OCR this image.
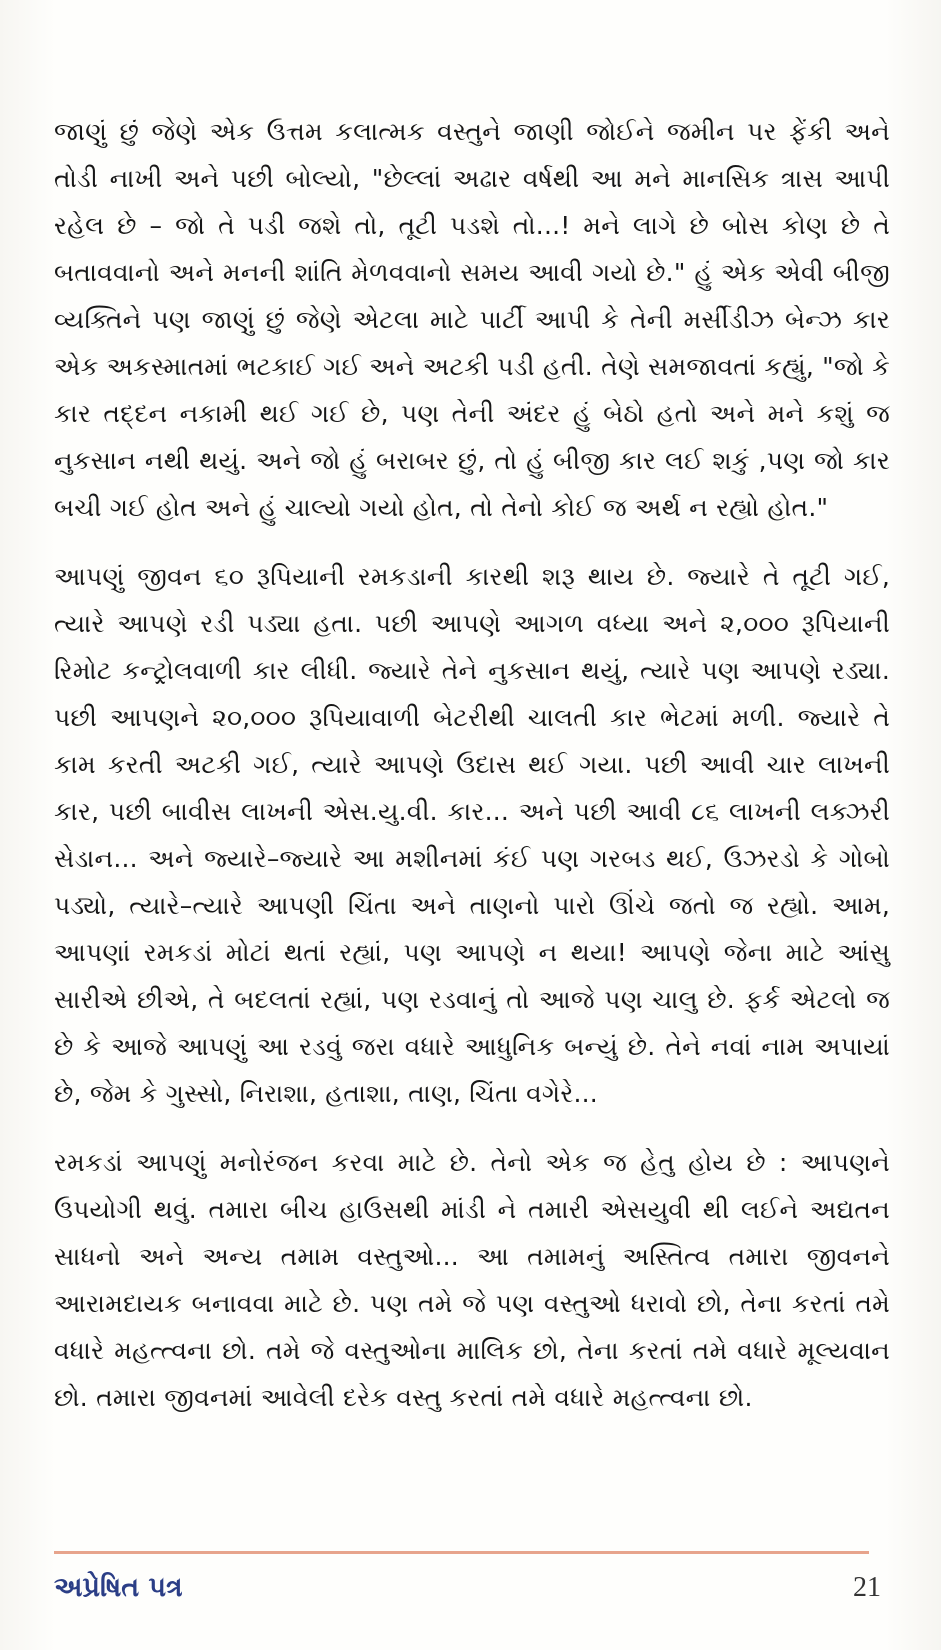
જાણું છું જેણે એક ઉત્તમ કલાત્મક વસ્તુને જાણી જોઈને જમીન પર ફેંકી અને તોડી નાખી અને પછી બોલ્યો, "છેલ્લાં અઢાર વર્ષથી આ મને માનસિક ત્રાસ આપી રહેલ છે – જો તે પડી જશે તો, તૂટી પડશે તો...! મને લાગે છે બોસ કોણ છે તે બતાવવાનો અને મનની શાંતિ મેળવવાનો સમય આવી ગયો છે." હું એક એવી બીજી વ્યક્તિને પણ જાણું છું જેણે એટલા માટે પાર્ટી આપી કે તેની મર્સીડીઝ બેન્ઝ કાર એક અકસ્માતમાં ભટકાઈ ગઈ અને અટકી પડી હતી. તેણે સમજાવતાં કહ્યું, "જો કે કાર તદ્દન નકામી થઈ ગઈ છે, પણ તેની અંદર હું બેઠો હતો અને મને કશું જ નુકસાન નથી થયું. અને જો હું બરાબર છું, તો હું બીજી કાર લઈ શકું ,પણ જો કાર બચી ગઈ હોત અને હું ચાલ્યો ગયો હોત, તો તેનો કોઈ જ અર્થ ન રહ્યો હોત."

આપણું જીવન ૬૦ રૂપિયાની રમકડાની કારથી શરૂ થાય છે. જ્યારે તે તૂટી ગઈ, ત્યારે આપણે રડી પડ્યા હતા. પછી આપણે આગળ વધ્યા અને ૨,૦૦૦ રૂપિયાની રિમોટ કન્ટ્રોલવાળી કાર લીધી. જ્યારે તેને નુકસાન થયું, ત્યારે પણ આપણે રડ્યા. પછી આપણને ૨૦,૦૦૦ રૂપિયાવાળી બેટરીથી ચાલતી કાર ભેટમાં મળી. જ્યારે તે કામ કરતી અટકી ગઈ, ત્યારે આપણે ઉદાસ થઈ ગયા. પછી આવી ચાર લાખની કાર, પછી બાવીસ લાખની એસ.યુ.વી. કાર... અને પછી આવી ૮૬ લાખની લક્ઝરી સેડાન... અને જ્યારે–જ્યારે આ મશીનમાં કંઈ પણ ગરબડ થઈ, ઉઝરડો કે ગોબો પડ્યો, ત્યારે–ત્યારે આપણી ચિંતા અને તાણનો પારો ઊંચે જતો જ રહ્યો. આમ, આપણાં રમકડાં મોટાં થતાં રહ્યાં, પણ આપણે ન થયા! આપણે જેના માટે આંસુ સારીએ છીએ, તે બદલતાં રહ્યાં, પણ રડવાનું તો આજે પણ ચાલુ છે. ફર્ક એટલો જ છે કે આજે આપણું આ રડવું જરા વધારે આધુનિક બન્યું છે. તેને નવાં નામ અપાયાં છે, જેમ કે ગુસ્સો, નિરાશા, હતાશા, તાણ, ચિંતા વગેરે...

રમકડાં આપણું મનોરંજન કરવા માટે છે. તેનો એક જ હેતુ હોય છે : આપણને ઉપયોગી થવું. તમારા બીચ હાઉસથી માંડી ને તમારી એસયુવી થી લઈને અદ્યતન સાધનો અને અન્ય તમામ વસ્તુઓ... આ તમામનું અસ્તિત્વ તમારા જીવનને આરામદાયક બનાવવા માટે છે. પણ તમે જે પણ વસ્તુઓ ધરાવો છો, તેના કરતાં તમે વધારે મહત્ત્વના છો. તમે જે વસ્તુઓના માલિક છો, તેના કરતાં તમે વધારે મૂલ્યવાન છો. તમારા જીવનમાં આવેલી દરેક વસ્તુ કરતાં તમે વધારે મહત્ત્વના છો.

અપ્રેષિત પત્ર	21
